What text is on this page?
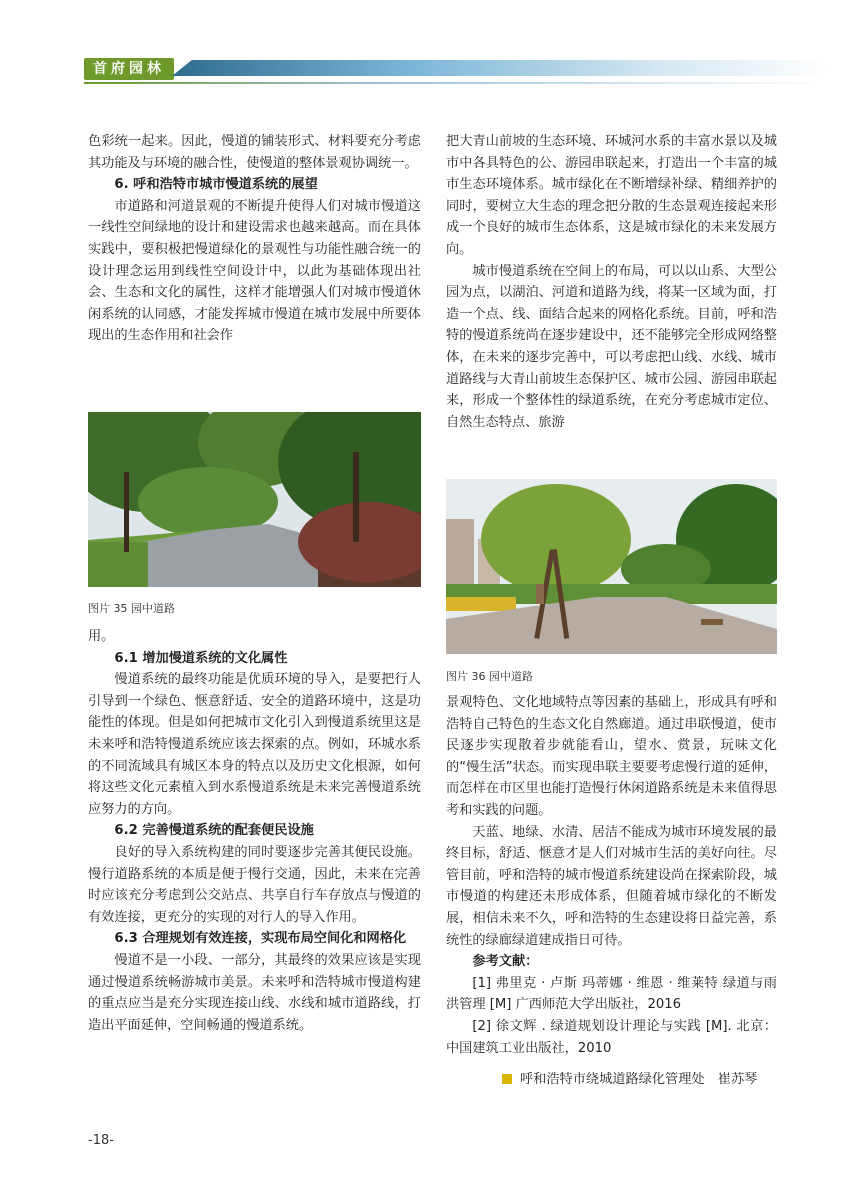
首府园林

色彩统一起来。因此，慢道的铺装形式、材料要充分考虑其功能及与环境的融合性，使慢道的整体景观协调统一。

6. 呼和浩特市城市慢道系统的展望

市道路和河道景观的不断提升使得人们对城市慢道这一线性空间绿地的设计和建设需求也越来越高。而在具体实践中，要积极把慢道绿化的景观性与功能性融合统一的设计理念运用到线性空间设计中，以此为基础体现出社会、生态和文化的属性，这样才能增强人们对城市慢道休闲系统的认同感，才能发挥城市慢道在城市发展中所要体现出的生态作用和社会作

图片 35 园中道路

用。

6.1 增加慢道系统的文化属性

慢道系统的最终功能是优质环境的导入，是要把行人引导到一个绿色、惬意舒适、安全的道路环境中，这是功能性的体现。但是如何把城市文化引入到慢道系统里这是未来呼和浩特慢道系统应该去探索的点。例如，环城水系的不同流域具有城区本身的特点以及历史文化根源，如何将这些文化元素植入到水系慢道系统是未来完善慢道系统应努力的方向。

6.2 完善慢道系统的配套便民设施

良好的导入系统构建的同时要逐步完善其便民设施。慢行道路系统的本质是便于慢行交通，因此，未来在完善时应该充分考虑到公交站点、共享自行车存放点与慢道的有效连接，更充分的实现的对行人的导入作用。

6.3 合理规划有效连接，实现布局空间化和网格化

慢道不是一小段、一部分，其最终的效果应该是实现通过慢道系统畅游城市美景。未来呼和浩特城市慢道构建的重点应当是充分实现连接山线、水线和城市道路线，打造出平面延伸，空间畅通的慢道系统。

把大青山前坡的生态环境、环城河水系的丰富水景以及城市中各具特色的公、游园串联起来，打造出一个丰富的城市生态环境体系。城市绿化在不断增绿补绿、精细养护的同时，要树立大生态的理念把分散的生态景观连接起来形成一个良好的城市生态体系，这是城市绿化的未来发展方向。

城市慢道系统在空间上的布局，可以以山系、大型公园为点，以湖泊、河道和道路为线，将某一区域为面，打造一个点、线、面结合起来的网格化系统。目前，呼和浩特的慢道系统尚在逐步建设中，还不能够完全形成网络整体，在未来的逐步完善中，可以考虑把山线、水线、城市道路线与大青山前坡生态保护区、城市公园、游园串联起来，形成一个整体性的绿道系统，在充分考虑城市定位、自然生态特点、旅游

图片 36 园中道路

景观特色、文化地域特点等因素的基础上，形成具有呼和浩特自己特色的生态文化自然廊道。通过串联慢道，使市民逐步实现散着步就能看山，望水、赏景，玩味文化的“慢生活”状态。而实现串联主要要考虑慢行道的延伸，而怎样在市区里也能打造慢行休闲道路系统是未来值得思考和实践的问题。

天蓝、地绿、水清、居洁不能成为城市环境发展的最终目标，舒适、惬意才是人们对城市生活的美好向往。尽管目前，呼和浩特的城市慢道系统建设尚在探索阶段，城市慢道的构建还未形成体系，但随着城市绿化的不断发展，相信未来不久，呼和浩特的生态建设将日益完善，系统性的绿廊绿道建成指日可待。

参考文献：

[1] 弗里克 · 卢斯 玛蒂娜 · 维恩 · 维莱特 绿道与雨洪管理 [M] 广西师范大学出版社，2016

[2] 徐文辉 . 绿道规划设计理论与实践 [M]. 北京：中国建筑工业出版社，2010

呼和浩特市绕城道路绿化管理处　崔苏琴
-18-
